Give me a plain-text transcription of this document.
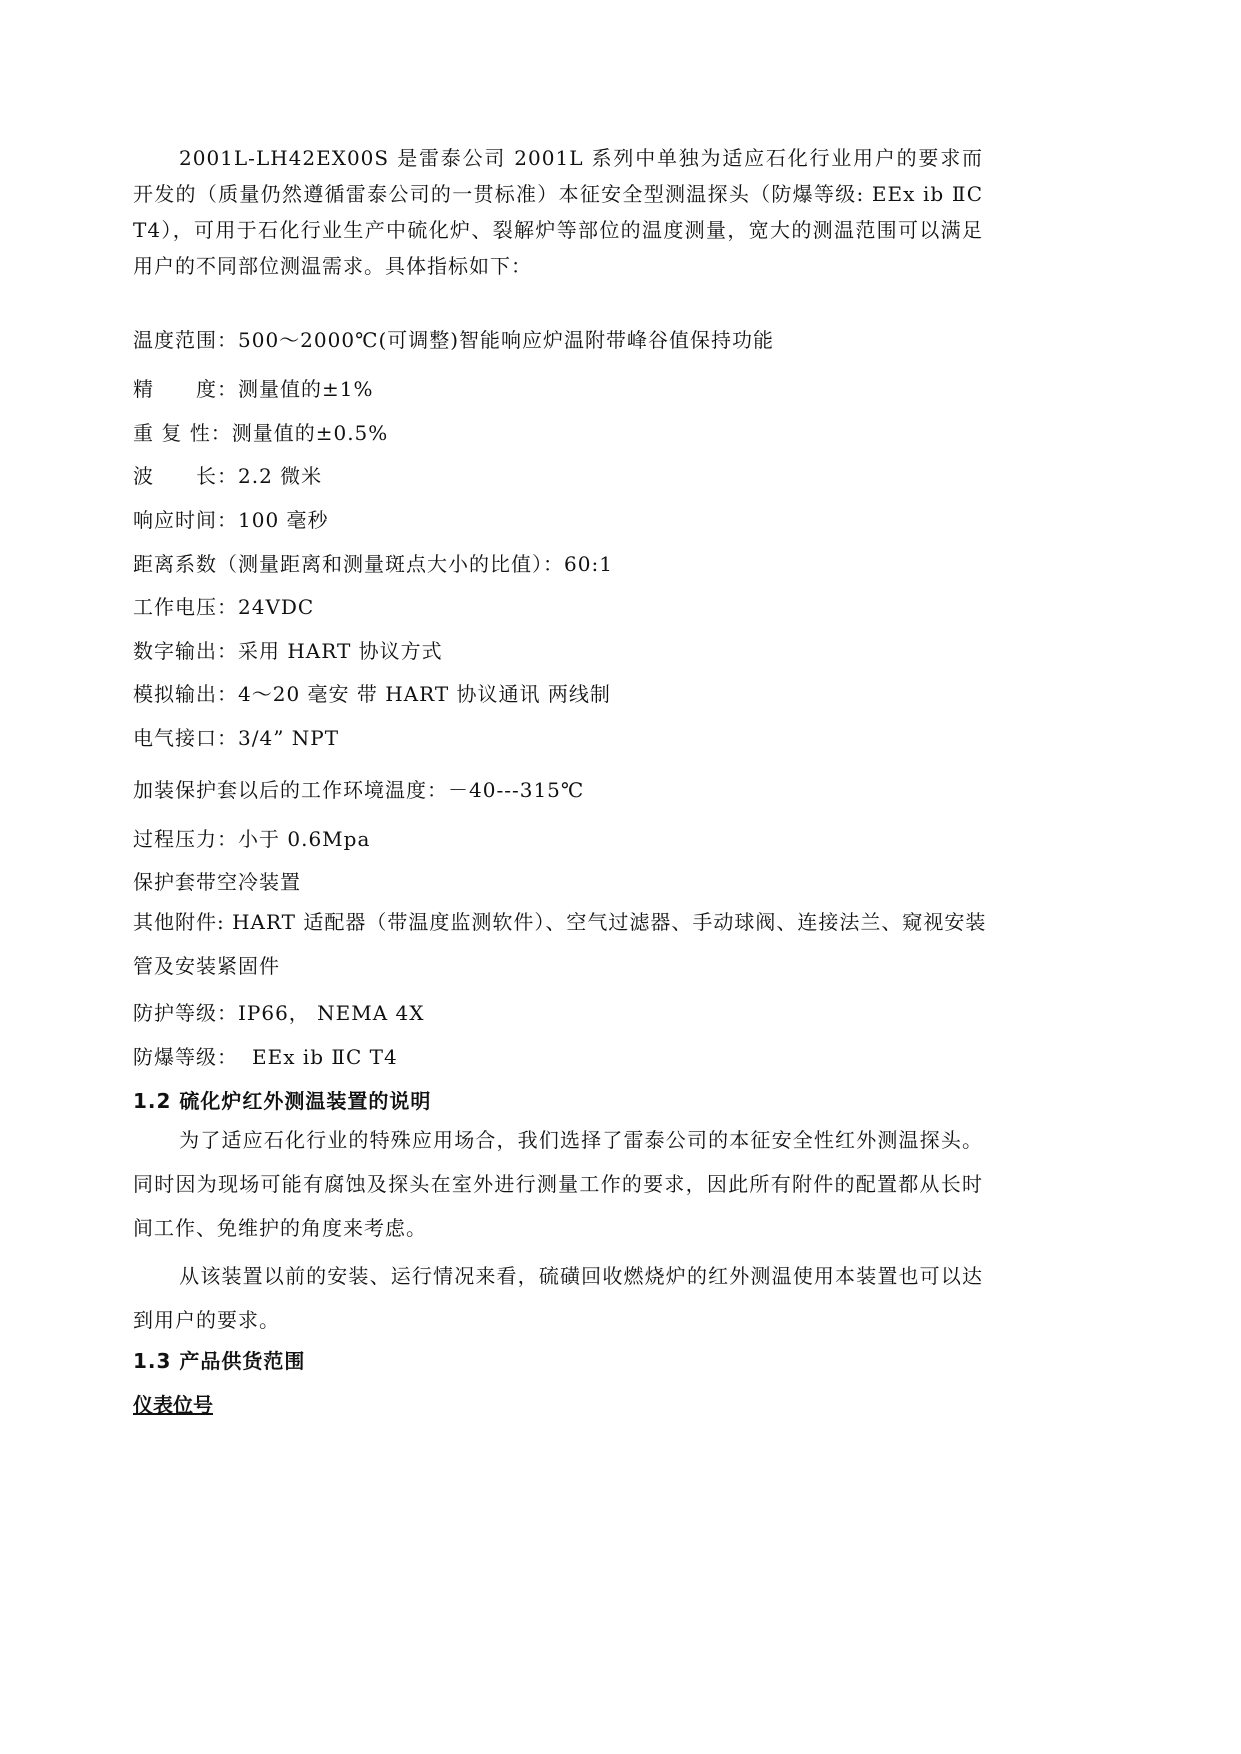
2001L-LH42EX00S 是雷泰公司 2001L 系列中单独为适应石化行业用户的要求而开发的（质量仍然遵循雷泰公司的一贯标准）本征安全型测温探头（防爆等级: EEx ib ⅡC T4），可用于石化行业生产中硫化炉、裂解炉等部位的温度测量，宽大的测温范围可以满足用户的不同部位测温需求。具体指标如下：
温度范围：500～2000℃(可调整)智能响应炉温附带峰谷值保持功能
精　　度：测量值的±1%
重 复 性：测量值的±0.5%
波　　长：2.2 微米
响应时间：100 毫秒
距离系数（测量距离和测量斑点大小的比值）：60:1
工作电压：24VDC
数字输出：采用 HART 协议方式
模拟输出：4～20 毫安 带 HART 协议通讯 两线制
电气接口：3/4” NPT
加装保护套以后的工作环境温度：－40---315℃
过程压力：小于 0.6Mpa
保护套带空冷装置
其他附件: HART 适配器（带温度监测软件）、空气过滤器、手动球阀、连接法兰、窥视安装管及安装紧固件
防护等级：IP66， NEMA 4X
防爆等级： EEx ib ⅡC T4
1.2 硫化炉红外测温装置的说明
为了适应石化行业的特殊应用场合，我们选择了雷泰公司的本征安全性红外测温探头。同时因为现场可能有腐蚀及探头在室外进行测量工作的要求，因此所有附件的配置都从长时间工作、免维护的角度来考虑。
从该装置以前的安装、运行情况来看，硫磺回收燃烧炉的红外测温使用本装置也可以达到用户的要求。
1.3 产品供货范围
仪表位号
